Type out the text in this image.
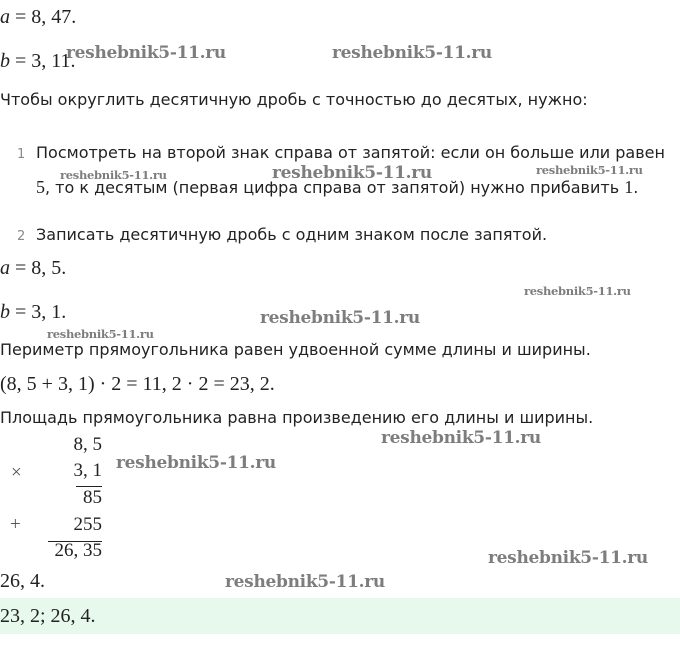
a = 8, 47.
b = 3, 11.
Чтобы округлить десятичную дробь с точностью до десятых, нужно:
1 Посмотреть на второй знак справа от запятой: если он больше или равен
5, то к десятым (первая цифра справа от запятой) нужно прибавить 1.
2 Записать десятичную дробь с одним знаком после запятой.
a = 8, 5.
b = 3, 1.
Периметр прямоугольника равен удвоенной сумме длины и ширины.
(8, 5 + 3, 1) · 2 = 11, 2 · 2 = 23, 2.
Площадь прямоугольника равна произведению его длины и ширины.
8, 5
×	3, 1
85
+	255
26, 35
26, 4.
23, 2; 26, 4.
reshebnik5-11.ru	reshebnik5-11.ru
reshebnik5-11.ru	reshebnik5-11.ru	reshebnik5-11.ru
reshebnik5-11.ru
reshebnik5-11.ru
reshebnik5-11.ru
reshebnik5-11.ru
reshebnik5-11.ru
reshebnik5-11.ru
reshebnik5-11.ru
